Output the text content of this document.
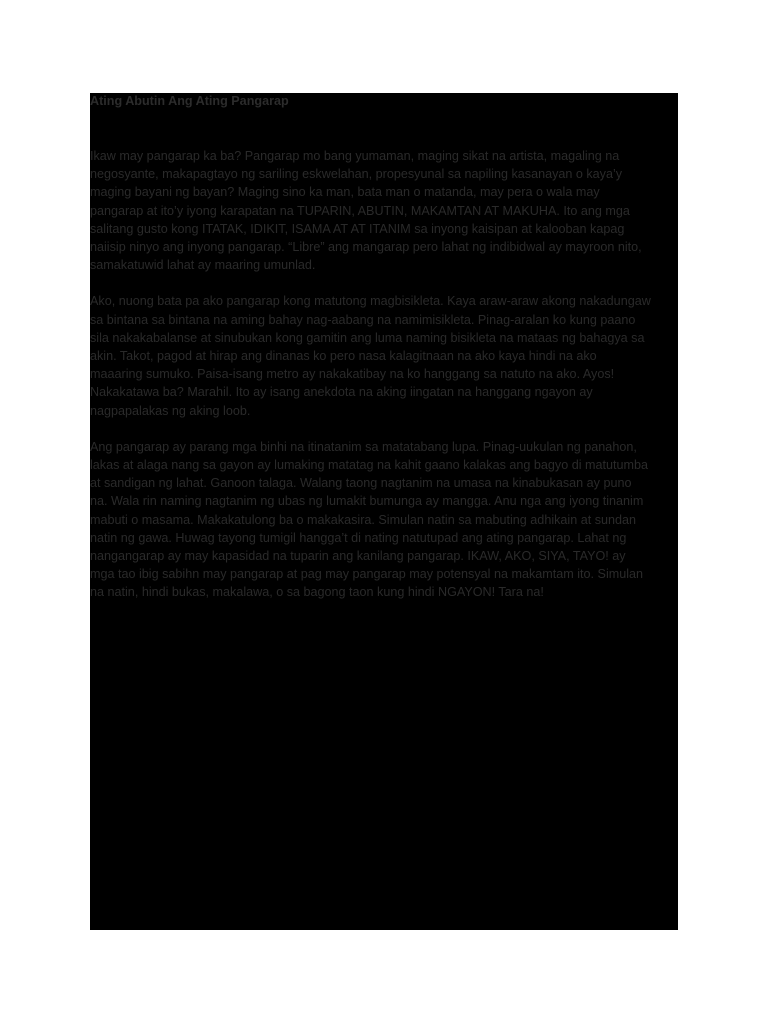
Ating Abutin Ang Ating Pangarap

Ikaw may pangarap ka ba? Pangarap mo bang yumaman, maging sikat na artista, magaling na
negosyante, makapagtayo ng sariling eskwelahan, propesyunal sa napiling kasanayan o kaya’y
maging bayani ng bayan? Maging sino ka man, bata man o matanda, may pera o wala may
pangarap at ito’y iyong karapatan na TUPARIN, ABUTIN, MAKAMTAN AT MAKUHA. Ito ang mga
salitang gusto kong ITATAK, IDIKIT, ISAMA AT AT ITANIM sa inyong kaisipan at kalooban kapag
naiisip ninyo ang inyong pangarap. “Libre” ang mangarap pero lahat ng indibidwal ay mayroon nito,
samakatuwid lahat ay maaring umunlad.

Ako, nuong bata pa ako pangarap kong matutong magbisikleta. Kaya araw-araw akong nakadungaw
sa bintana sa bintana na aming bahay nag-aabang na namimisikleta. Pinag-aralan ko kung paano
sila nakakabalanse at sinubukan kong gamitin ang luma naming bisikleta na mataas ng bahagya sa
akin. Takot, pagod at hirap ang dinanas ko pero nasa kalagitnaan na ako kaya hindi na ako
maaaring sumuko. Paisa-isang metro ay nakakatibay na ko hanggang sa natuto na ako. Ayos!
Nakakatawa ba? Marahil. Ito ay isang anekdota na aking iingatan na hanggang ngayon ay
nagpapalakas ng aking loob.

Ang pangarap ay parang mga binhi na itinatanim sa matatabang lupa. Pinag-uukulan ng panahon,
lakas at alaga nang sa gayon ay lumaking matatag na kahit gaano kalakas ang bagyo di matutumba
at sandigan ng lahat. Ganoon talaga. Walang taong nagtanim na umasa na kinabukasan ay puno
na. Wala rin naming nagtanim ng ubas ng lumakit bumunga ay mangga. Anu nga ang iyong tinanim
mabuti o masama. Makakatulong ba o makakasira. Simulan natin sa mabuting adhikain at sundan
natin ng gawa. Huwag tayong tumigil hangga’t di nating natutupad ang ating pangarap. Lahat ng
nangangarap ay may kapasidad na tuparin ang kanilang pangarap. IKAW, AKO, SIYA, TAYO! ay
mga tao ibig sabihn may pangarap at pag may pangarap may potensyal na makamtam ito. Simulan
na natin, hindi bukas, makalawa, o sa bagong taon kung hindi NGAYON! Tara na!
